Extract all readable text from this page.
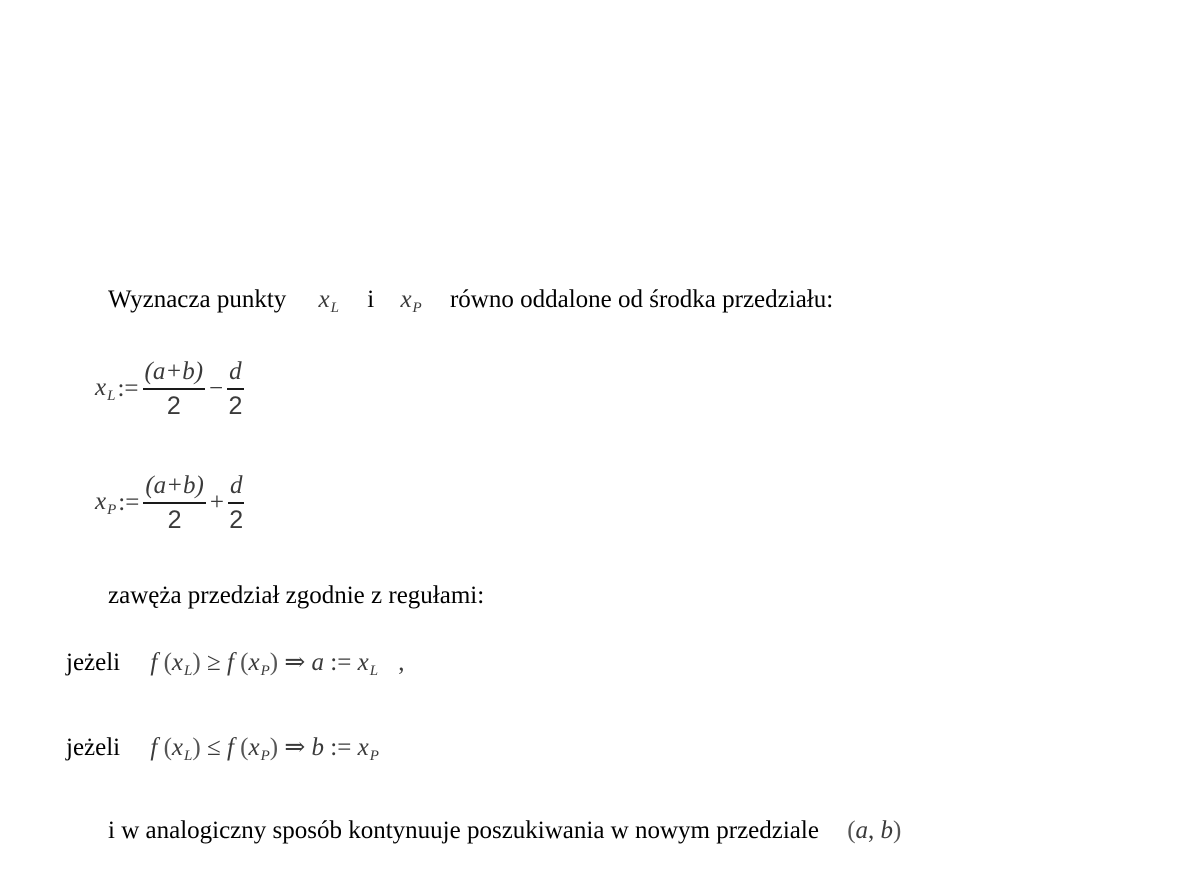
Wyznacza punkty $x_L$ i $x_P$ równo oddalone od środka przedziału:
$x_L$ := $\frac{(a+b)}{2} - \frac{d}{2}$
$x_P$ := $\frac{(a+b)}{2} + \frac{d}{2}$
zawęża przedział zgodnie z regułami:
jeżeli f $(x_L) \ge f$ $(x_P)$ ⇒ a := $x_L$ ,
jeżeli f $(x_L) \le f$ $(x_P)$ ⇒ b := $x_P$
i w analogiczny sposób kontynuuje poszukiwania w nowym przedziale (a, b)
